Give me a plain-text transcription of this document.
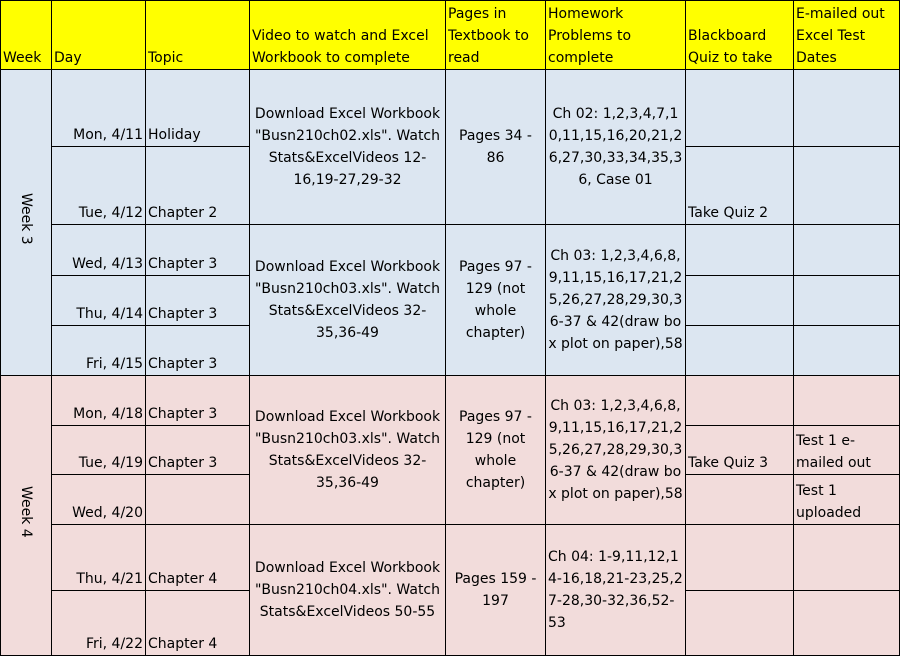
Week	Day	Topic	Video to watch and Excel Workbook to complete	Pages in Textbook to read	Homework Problems to complete	Blackboard Quiz to take	E-mailed out Excel Test Dates
Week 3	Mon, 4/11	Holiday	Download Excel Workbook "Busn210ch02.xls". Watch Stats&ExcelVideos 12-16,19-27,29-32	Pages 34 - 86	Ch 02: 1,2,3,4,7,10,11,15,16,20,21,26,27,30,33,34,35,36, Case 01		
	Tue, 4/12	Chapter 2				Take Quiz 2	
	Wed, 4/13	Chapter 3	Download Excel Workbook "Busn210ch03.xls". Watch Stats&ExcelVideos 32-35,36-49	Pages 97 - 129 (not whole chapter)	Ch 03: 1,2,3,4,6,8,9,11,15,16,17,21,25,26,27,28,29,30,36-37 & 42(draw box plot on paper),58		
	Thu, 4/14	Chapter 3					
	Fri, 4/15	Chapter 3					
Week 4	Mon, 4/18	Chapter 3	Download Excel Workbook "Busn210ch03.xls". Watch Stats&ExcelVideos 32-35,36-49	Pages 97 - 129 (not whole chapter)	Ch 03: 1,2,3,4,6,8,9,11,15,16,17,21,25,26,27,28,29,30,36-37 & 42(draw box plot on paper),58		
	Tue, 4/19	Chapter 3				Take Quiz 3	Test 1 e-mailed out
	Wed, 4/20						Test 1 uploaded
	Thu, 4/21	Chapter 4	Download Excel Workbook "Busn210ch04.xls". Watch Stats&ExcelVideos 50-55	Pages 159 - 197	Ch 04: 1-9,11,12,14-16,18,21-23,25,27-28,30-32,36,52-53		
	Fri, 4/22	Chapter 4					
